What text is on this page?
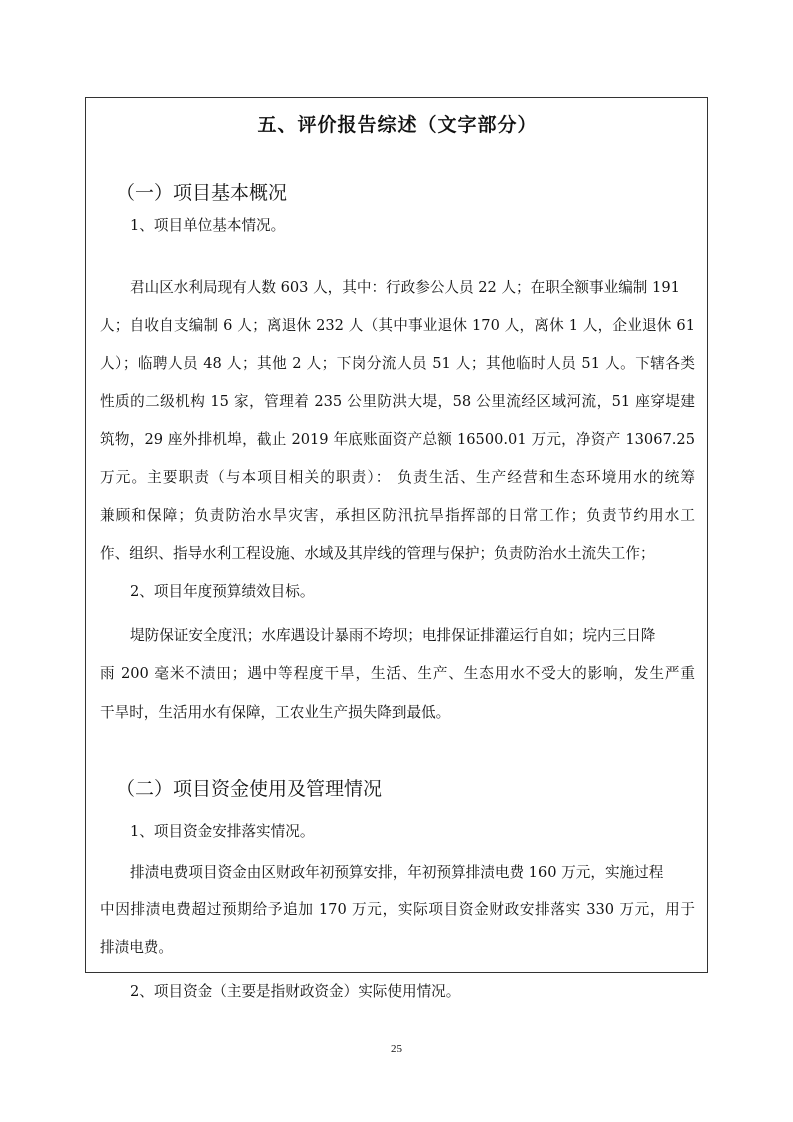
五、评价报告综述（文字部分）
（一）项目基本概况
1、项目单位基本情况。
君山区水利局现有人数 603 人，其中：行政参公人员 22 人；在职全额事业编制 191
人；自收自支编制 6 人；离退休 232 人（其中事业退休 170 人，离休 1 人，企业退休 61
人）；临聘人员 48 人；其他 2 人；下岗分流人员 51 人；其他临时人员 51 人。下辖各类
性质的二级机构 15 家，管理着 235 公里防洪大堤，58 公里流经区域河流，51 座穿堤建
筑物，29 座外排机埠，截止 2019 年底账面资产总额 16500.01 万元，净资产 13067.25
万元。主要职责（与本项目相关的职责）： 负责生活、生产经营和生态环境用水的统筹
兼顾和保障；负责防治水旱灾害，承担区防汛抗旱指挥部的日常工作；负责节约用水工
作、组织、指导水利工程设施、水域及其岸线的管理与保护；负责防治水土流失工作；
2、项目年度预算绩效目标。
堤防保证安全度汛；水库遇设计暴雨不垮坝；电排保证排灌运行自如；垸内三日降
雨 200 毫米不渍田；遇中等程度干旱，生活、生产、生态用水不受大的影响，发生严重
干旱时，生活用水有保障，工农业生产损失降到最低。
（二）项目资金使用及管理情况
1、项目资金安排落实情况。
排渍电费项目资金由区财政年初预算安排，年初预算排渍电费 160 万元，实施过程
中因排渍电费超过预期给予追加 170 万元，实际项目资金财政安排落实 330 万元，用于
排渍电费。
2、项目资金（主要是指财政资金）实际使用情况。
25
